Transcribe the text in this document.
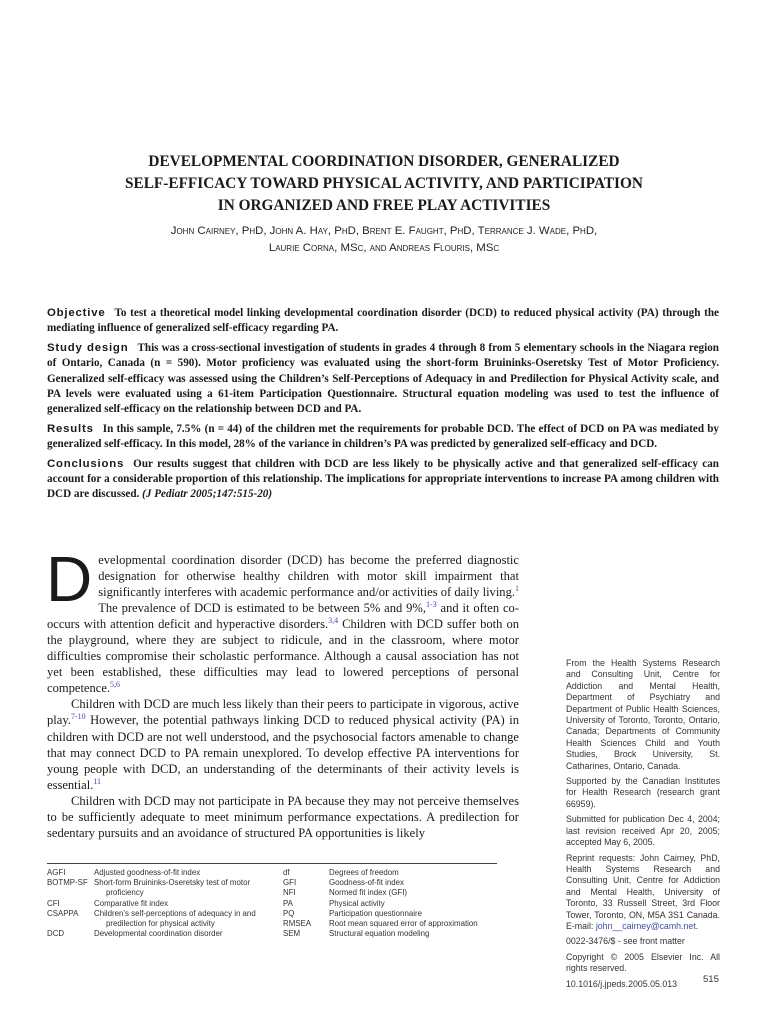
DEVELOPMENTAL COORDINATION DISORDER, GENERALIZED
SELF-EFFICACY TOWARD PHYSICAL ACTIVITY, AND PARTICIPATION
IN ORGANIZED AND FREE PLAY ACTIVITIES
John Cairney, PhD, John A. Hay, PhD, Brent E. Faught, PhD, Terrance J. Wade, PhD,
Laurie Corna, MSc, and Andreas Flouris, MSc

Objective To test a theoretical model linking developmental coordination disorder (DCD) to reduced physical activity (PA) through the mediating influence of generalized self-efficacy regarding PA.

Study design This was a cross-sectional investigation of students in grades 4 through 8 from 5 elementary schools in the Niagara region of Ontario, Canada (n = 590). Motor proficiency was evaluated using the short-form Bruininks-Oseretsky Test of Motor Proficiency. Generalized self-efficacy was assessed using the Children’s Self-Perceptions of Adequacy in and Predilection for Physical Activity scale, and PA levels were evaluated using a 61-item Participation Questionnaire. Structural equation modeling was used to test the influence of generalized self-efficacy on the relationship between DCD and PA.

Results In this sample, 7.5% (n = 44) of the children met the requirements for probable DCD. The effect of DCD on PA was mediated by generalized self-efficacy. In this model, 28% of the variance in children’s PA was predicted by generalized self-efficacy and DCD.

Conclusions Our results suggest that children with DCD are less likely to be physically active and that generalized self-efficacy can account for a considerable proportion of this relationship. The implications for appropriate interventions to increase PA among children with DCD are discussed. (J Pediatr 2005;147:515-20)

Developmental coordination disorder (DCD) has become the preferred diagnostic designation for otherwise healthy children with motor skill impairment that significantly interferes with academic performance and/or activities of daily living.$^1$ The prevalence of DCD is estimated to be between 5% and 9%,$^{1-3}$ and it often co-occurs with attention deficit and hyperactive disorders.$^{3,4}$ Children with DCD suffer both on the playground, where they are subject to ridicule, and in the classroom, where motor difficulties compromise their scholastic performance. Although a causal association has not yet been established, these difficulties may lead to lowered perceptions of personal competence.$^{5,6}$

Children with DCD are much less likely than their peers to participate in vigorous, active play.$^{7-10}$ However, the potential pathways linking DCD to reduced physical activity (PA) in children with DCD are not well understood, and the psychosocial factors amenable to change that may connect DCD to PA remain unexplored. To develop effective PA interventions for young people with DCD, an understanding of the determinants of their activity levels is essential.$^{11}$

Children with DCD may not participate in PA because they may not perceive themselves to be sufficiently adequate to meet minimum performance expectations. A predilection for sedentary pursuits and an avoidance of structured PA opportunities is likely

From the Health Systems Research and Consulting Unit, Centre for Addiction and Mental Health, Department of Psychiatry and Department of Public Health Sciences, University of Toronto, Toronto, Ontario, Canada; Departments of Community Health Sciences Child and Youth Studies, Brock University, St. Catharines, Ontario, Canada.

Supported by the Canadian Institutes for Health Research (research grant 66959).

Submitted for publication Dec 4, 2004; last revision received Apr 20, 2005; accepted May 6, 2005.

Reprint requests: John Cairney, PhD, Health Systems Research and Consulting Unit, Centre for Addiction and Mental Health, University of Toronto, 33 Russell Street, 3rd Floor Tower, Toronto, ON, M5A 3S1 Canada. E-mail: john__cairney@camh.net.

0022-3476/$ - see front matter

Copyright © 2005 Elsevier Inc. All rights reserved.

10.1016/j.jpeds.2005.05.013

AGFI	Adjusted goodness-of-fit index
BOTMP-SF Short-form Bruininks-Oseretsky test of motor
proficiency
CFI	Comparative fit index
CSAPPA	Children’s self-perceptions of adequacy in and
predilection for physical activity
DCD	Developmental coordination disorder
df	Degrees of freedom
GFI	Goodness-of-fit index
NFI	Normed fit index (GFI)
PA	Physical activity
PQ	Participation questionnaire
RMSEA	Root mean squared error of approximation
SEM	Structural equation modeling
515
